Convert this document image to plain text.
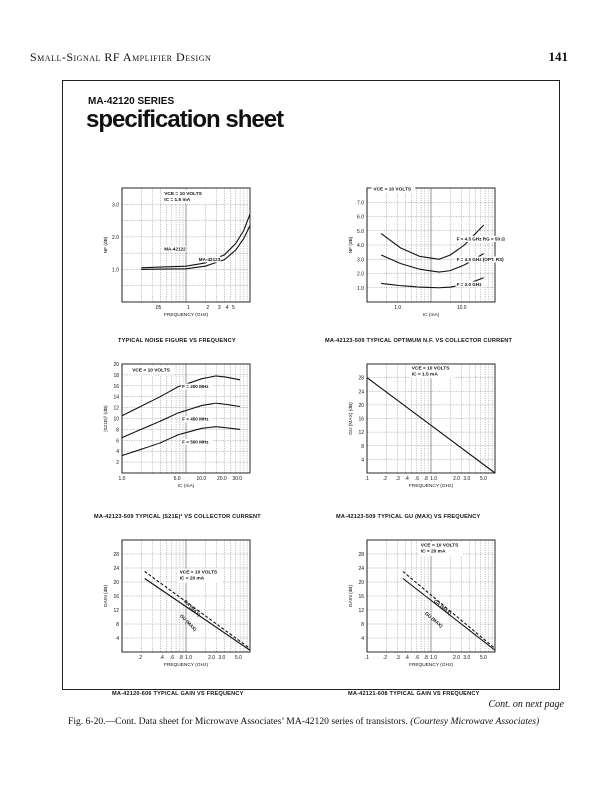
Small-Signal RF Amplifier Design	141
MA-42120 SERIES
specification sheet
1.0
2.0
3.0
.05	1	2 3 4 5
FREQUENCY (GHz)
NF (dB)
VCE = 10 VOLTS
IC = 1.5 mA
MA-42122
MA-42123
TYPICAL NOISE FIGURE VS FREQUENCY
1.0
2.0
3.0
4.0
5.0
6.0
7.0
1.0	10.0
IC (mA)
NF (dB)
VCE = 10 VOLTS
F = 4.5 GHz RG = 50 Ω
F = 4.5 GHz (OPT. RS)
F = 2.0 GHz
MA-42123-509 TYPICAL OPTIMUM N.F. VS COLLECTOR CURRENT
2
4
6
8
10
12
14
16
18
20
1.0	5.0	10.0 20.0 30.0
IC (mA)
|S21E|² (dB)
VCE = 10 VOLTS
F = 200 MHz
F = 450 MHz
F = 500 MHz
MA-42123-509 TYPICAL |S21E|² VS COLLECTOR CURRENT
4
8
12
16
20
24
28
.1	.2 .3 .4 .6 .8 1.0	2.0 3.0 5.0
FREQUENCY (GHz)
GU (MAX) (dB)
VCE = 10 VOLTS
IC = 1.5 mA
MA-42123-509 TYPICAL GU (MAX) VS FREQUENCY
4
8
12
16
20
24
28
.2	.4 .6 .8 1.0	2.0 3.0 5.0
FREQUENCY (GHz)
GAIN (dB)
VCE = 10 VOLTS
IC = 20 mA
GA (MAX)
GU (MAX)
MA-42120-606 TYPICAL GAIN VS FREQUENCY
4
8
12
16
20
24
28
.1	.2 .3 .4 .6 .8 1.0	2.0 3.0 5.0
FREQUENCY (GHz)
GAIN (dB)
VCE = 10 VOLTS
IC = 20 mA
GA (MAX)
GU (MAX)
MA-42121-608 TYPICAL GAIN VS FREQUENCY
Cont. on next page
Fig. 6-20.—Cont. Data sheet for Microwave Associates’ MA-42120 series of transistors. (Courtesy Microwave Associates)
